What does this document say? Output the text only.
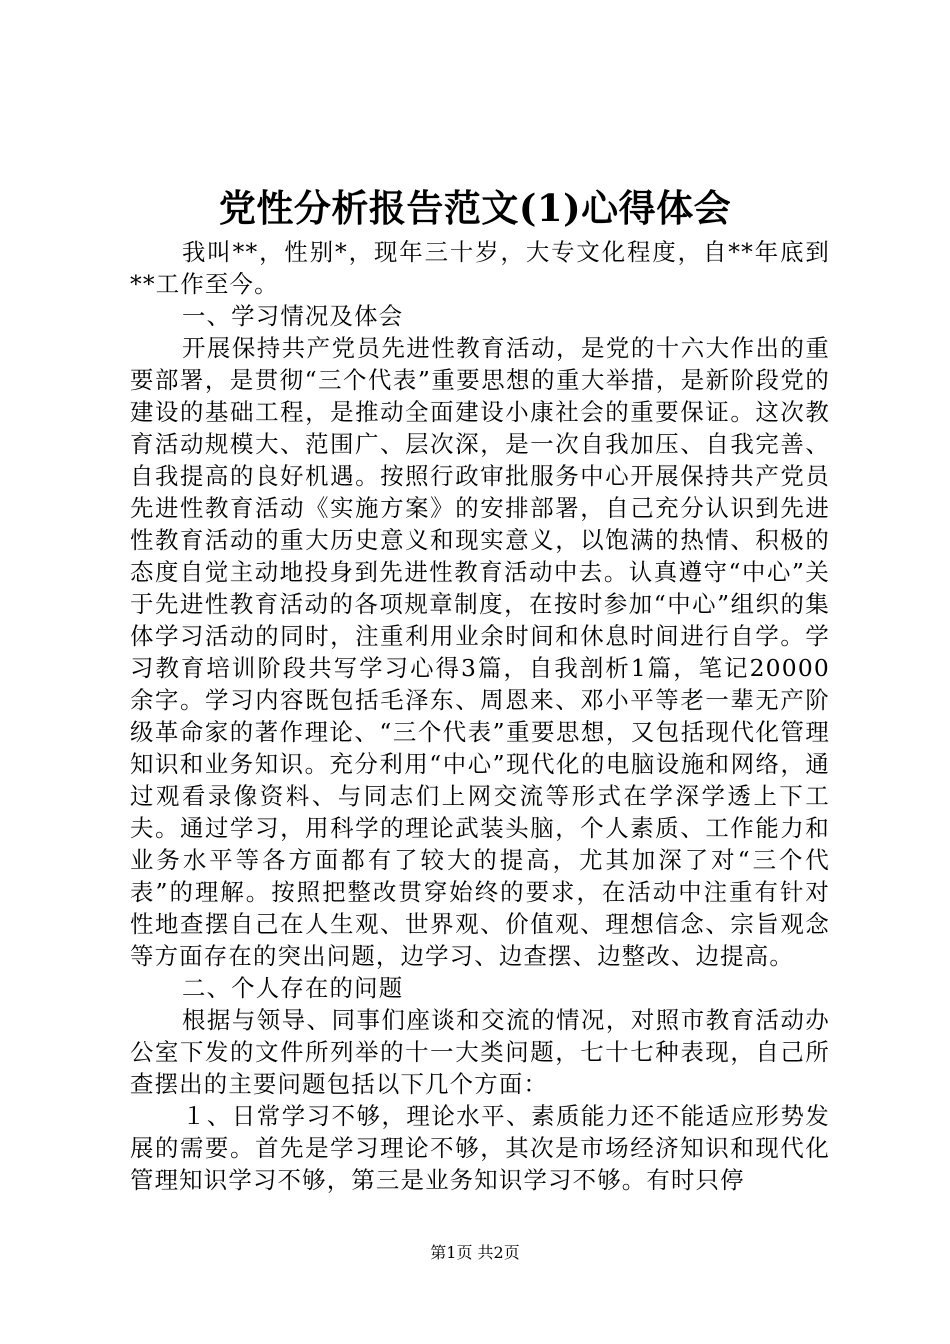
党性分析报告范文(1)心得体会

我叫**，性别*，现年三十岁，大专文化程度，自**年底到**工作至今。

一、学习情况及体会

开展保持共产党员先进性教育活动，是党的十六大作出的重要部署，是贯彻“三个代表”重要思想的重大举措，是新阶段党的建设的基础工程，是推动全面建设小康社会的重要保证。这次教育活动规模大、范围广、层次深，是一次自我加压、自我完善、自我提高的良好机遇。按照行政审批服务中心开展保持共产党员先进性教育活动《实施方案》的安排部署，自己充分认识到先进性教育活动的重大历史意义和现实意义，以饱满的热情、积极的态度自觉主动地投身到先进性教育活动中去。认真遵守“中心”关于先进性教育活动的各项规章制度，在按时参加“中心”组织的集体学习活动的同时，注重利用业余时间和休息时间进行自学。学习教育培训阶段共写学习心得3篇，自我剖析1篇，笔记20000余字。学习内容既包括毛泽东、周恩来、邓小平等老一辈无产阶级革命家的著作理论、“三个代表”重要思想，又包括现代化管理知识和业务知识。充分利用“中心”现代化的电脑设施和网络，通过观看录像资料、与同志们上网交流等形式在学深学透上下工夫。通过学习，用科学的理论武装头脑，个人素质、工作能力和业务水平等各方面都有了较大的提高，尤其加深了对“三个代表”的理解。按照把整改贯穿始终的要求，在活动中注重有针对性地查摆自己在人生观、世界观、价值观、理想信念、宗旨观念等方面存在的突出问题，边学习、边查摆、边整改、边提高。

二、个人存在的问题

根据与领导、同事们座谈和交流的情况，对照市教育活动办公室下发的文件所列举的十一大类问题，七十七种表现，自己所查摆出的主要问题包括以下几个方面：

１、日常学习不够，理论水平、素质能力还不能适应形势发展的需要。首先是学习理论不够，其次是市场经济知识和现代化管理知识学习不够，第三是业务知识学习不够。有时只停

第1页 共2页
